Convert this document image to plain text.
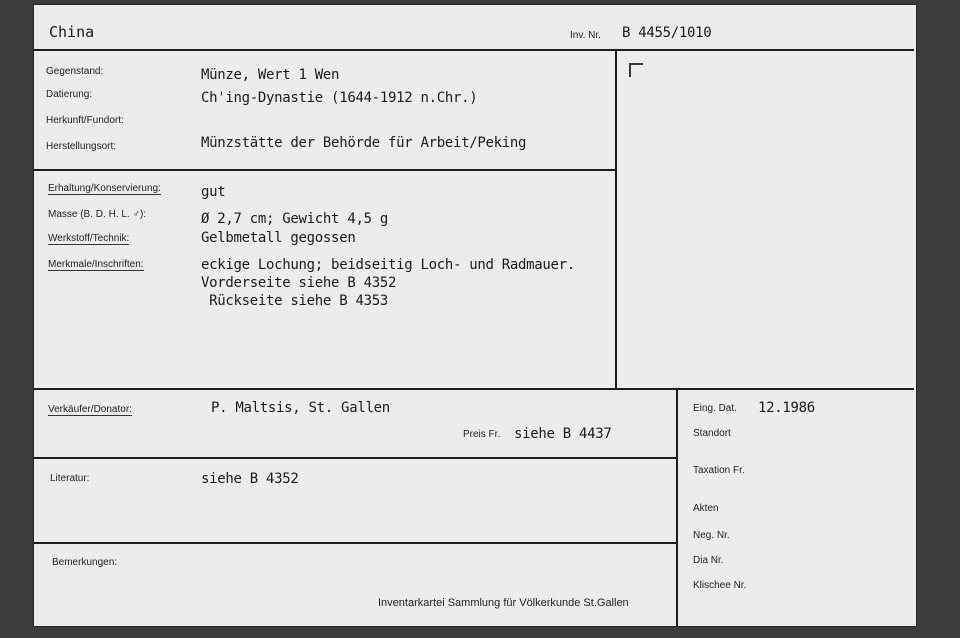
China	Inv. Nr. B 4455/1010
Gegenstand:	Münze, Wert 1 Wen
Datierung:	Ch'ing-Dynastie (1644-1912 n.Chr.)
Herkunft/Fundort:
Herstellungsort:	Münzstätte der Behörde für Arbeit/Peking
Erhaltung/Konservierung:	gut
Masse (B. D. H. L. ♂):	Ø 2,7 cm; Gewicht 4,5 g
Werkstoff/Technik:	Gelbmetall gegossen
Merkmale/Inschriften:	eckige Lochung; beidseitig Loch- und Radmauer.
Vorderseite siehe B 4352
Rückseite siehe B 4353
Verkäufer/Donator:	P. Maltsis, St. Gallen
Preis Fr. siehe B 4437
Literatur:	siehe B 4352
Bemerkungen:
Inventarkartei Sammlung für Völkerkunde St.Gallen
Eing. Dat. 12.1986
Standort
Taxation Fr.
Akten
Neg. Nr.
Dia Nr.
Klischee Nr.
